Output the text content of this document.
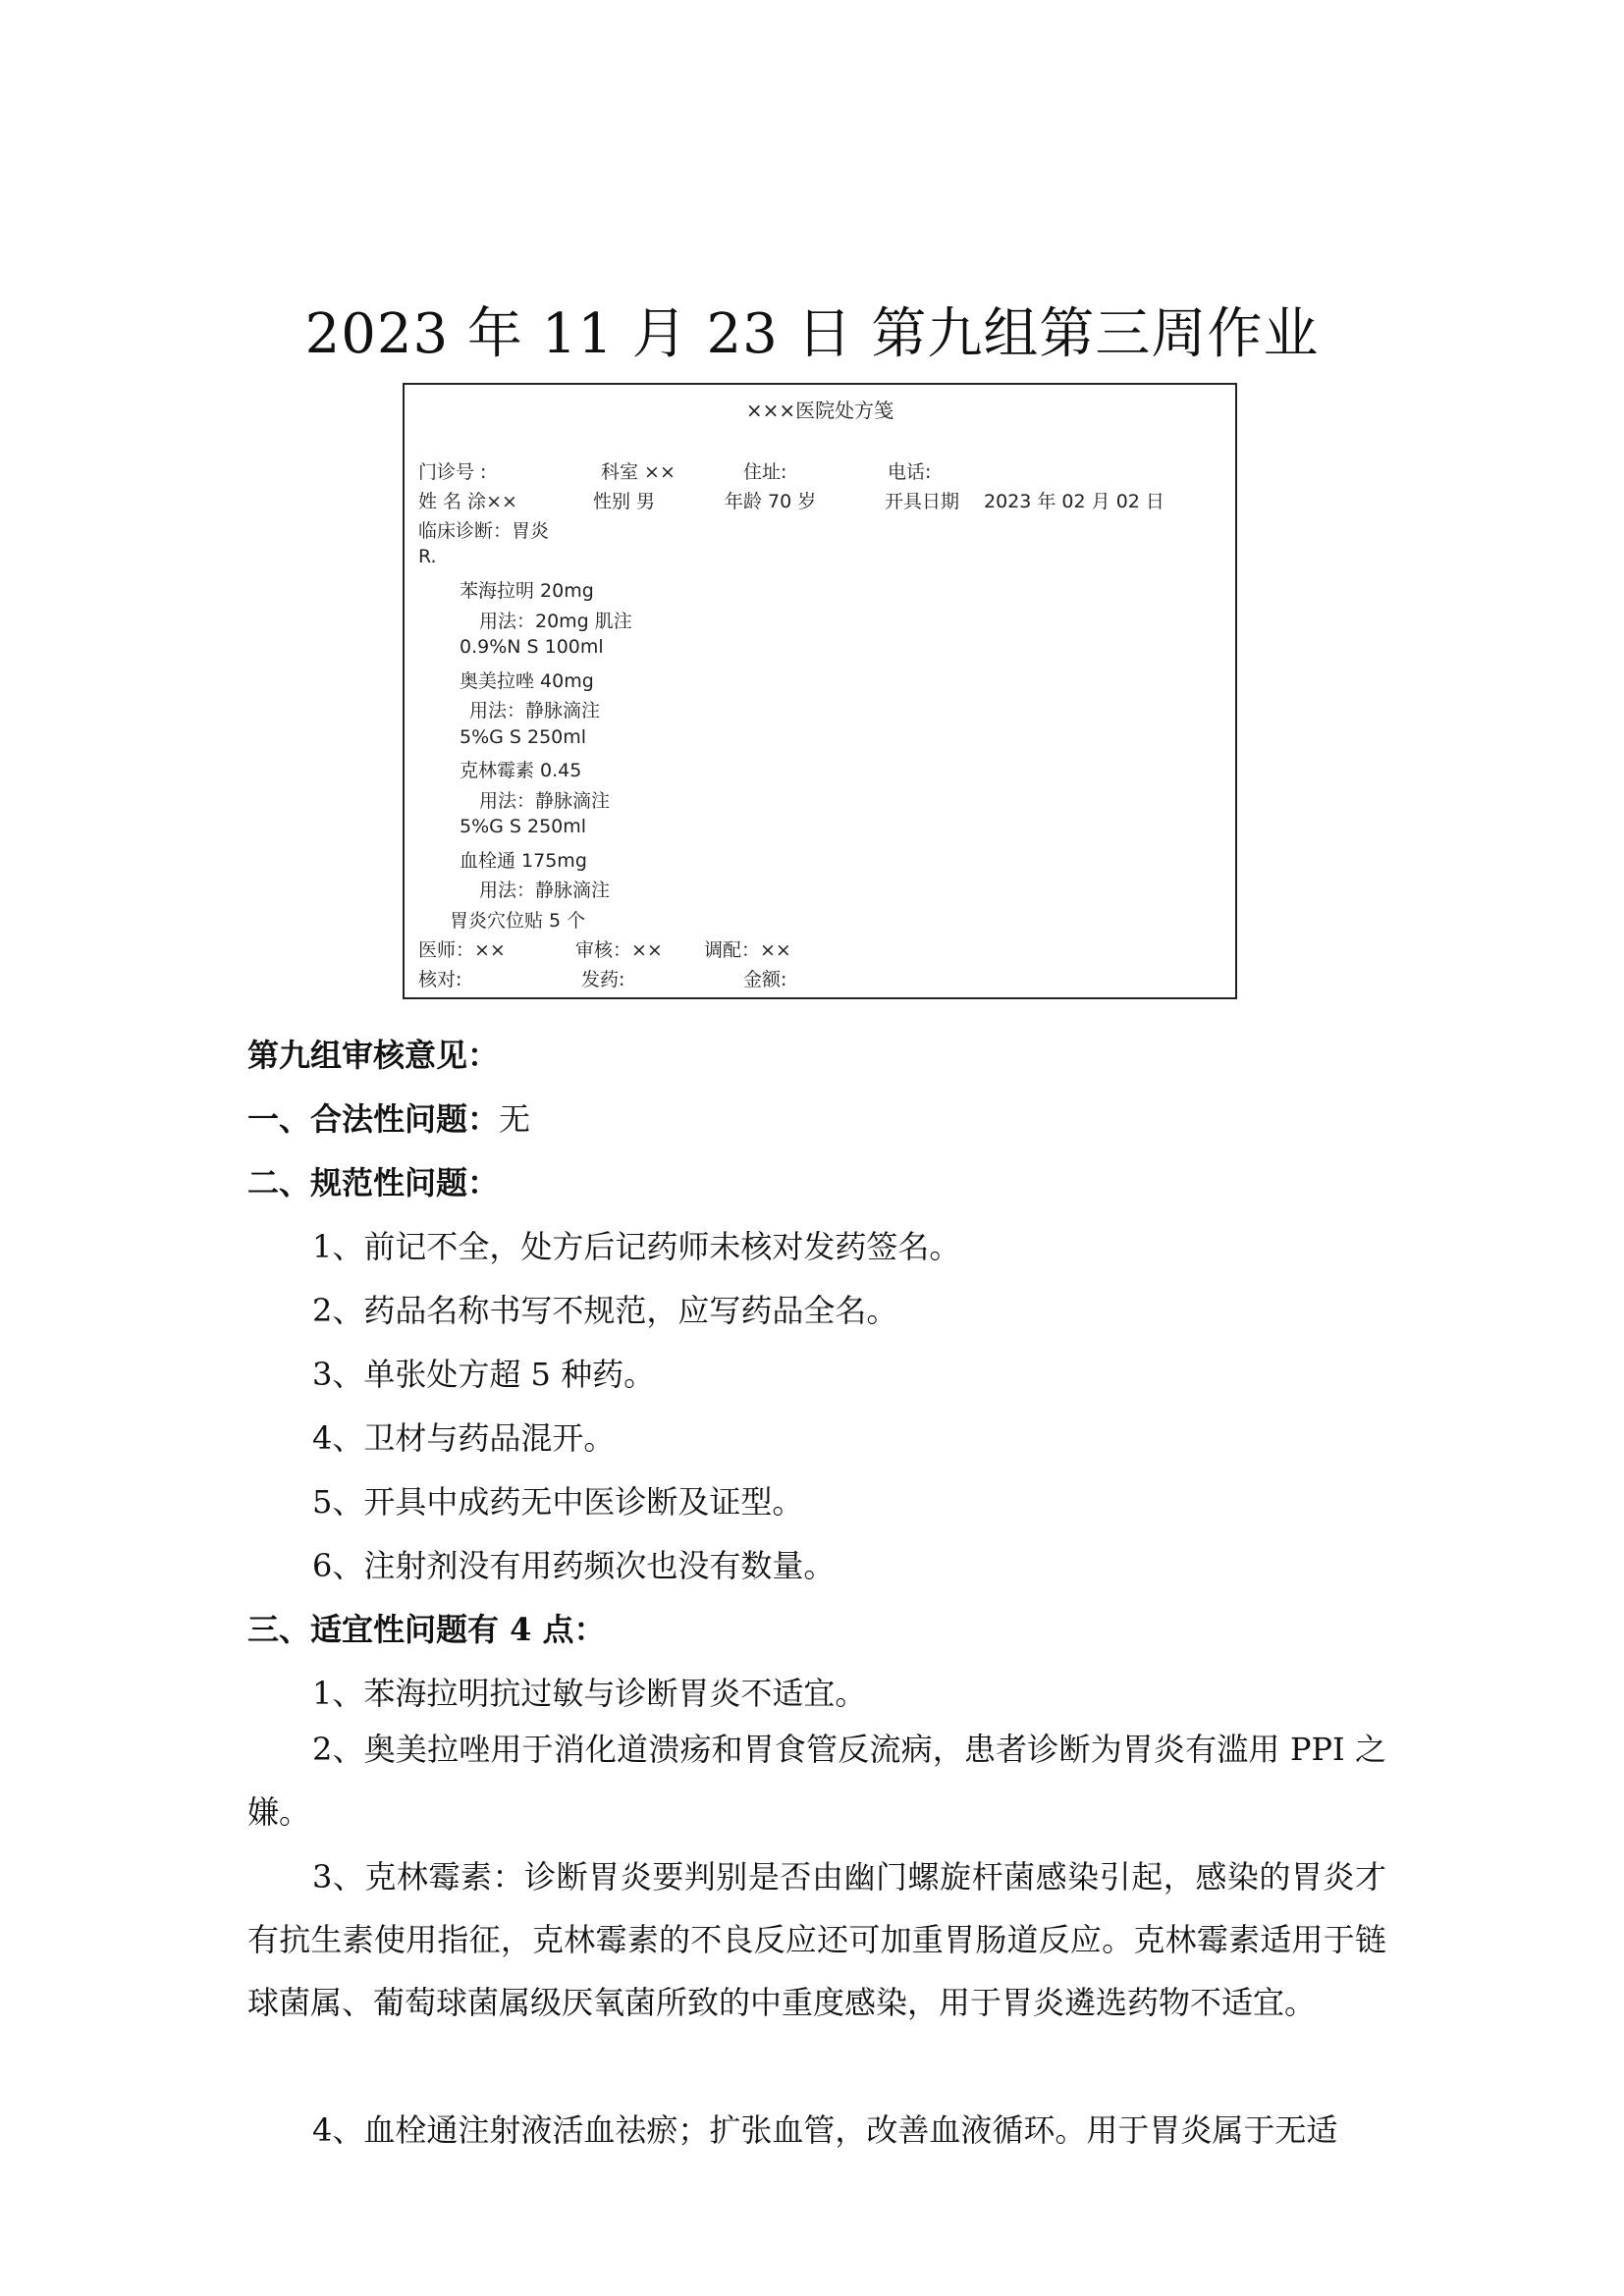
2023 年 11 月 23 日 第九组第三周作业
×××医院处方笺
门诊号 :	科室 ××	住址:	电话:
姓 名 涂××	性别 男	年龄 70 岁	开具日期 2023 年 02 月 02 日
临床诊断：胃炎
R.
苯海拉明 20mg
用法：20mg 肌注
0.9%N S 100ml
奥美拉唑 40mg
用法：静脉滴注
5%G S 250ml
克林霉素 0.45
用法：静脉滴注
5%G S 250ml
血栓通 175mg
用法：静脉滴注
胃炎穴位贴 5 个
医师：××	审核：×× 调配：××
核对:	发药:	金额:
第九组审核意见：
一、合法性问题：无
二、规范性问题：
1、前记不全，处方后记药师未核对发药签名。
2、药品名称书写不规范，应写药品全名。
3、单张处方超 5 种药。
4、卫材与药品混开。
5、开具中成药无中医诊断及证型。
6、注射剂没有用药频次也没有数量。
三、适宜性问题有 4 点：
1、苯海拉明抗过敏与诊断胃炎不适宜。
2、奥美拉唑用于消化道溃疡和胃食管反流病，患者诊断为胃炎有滥用 PPI 之嫌。
3、克林霉素：诊断胃炎要判别是否由幽门螺旋杆菌感染引起，感染的胃炎才有抗生素使用指征，克林霉素的不良反应还可加重胃肠道反应。克林霉素适用于链球菌属、葡萄球菌属级厌氧菌所致的中重度感染，用于胃炎遴选药物不适宜。
4、血栓通注射液活血祛瘀；扩张血管，改善血液循环。用于胃炎属于无适
